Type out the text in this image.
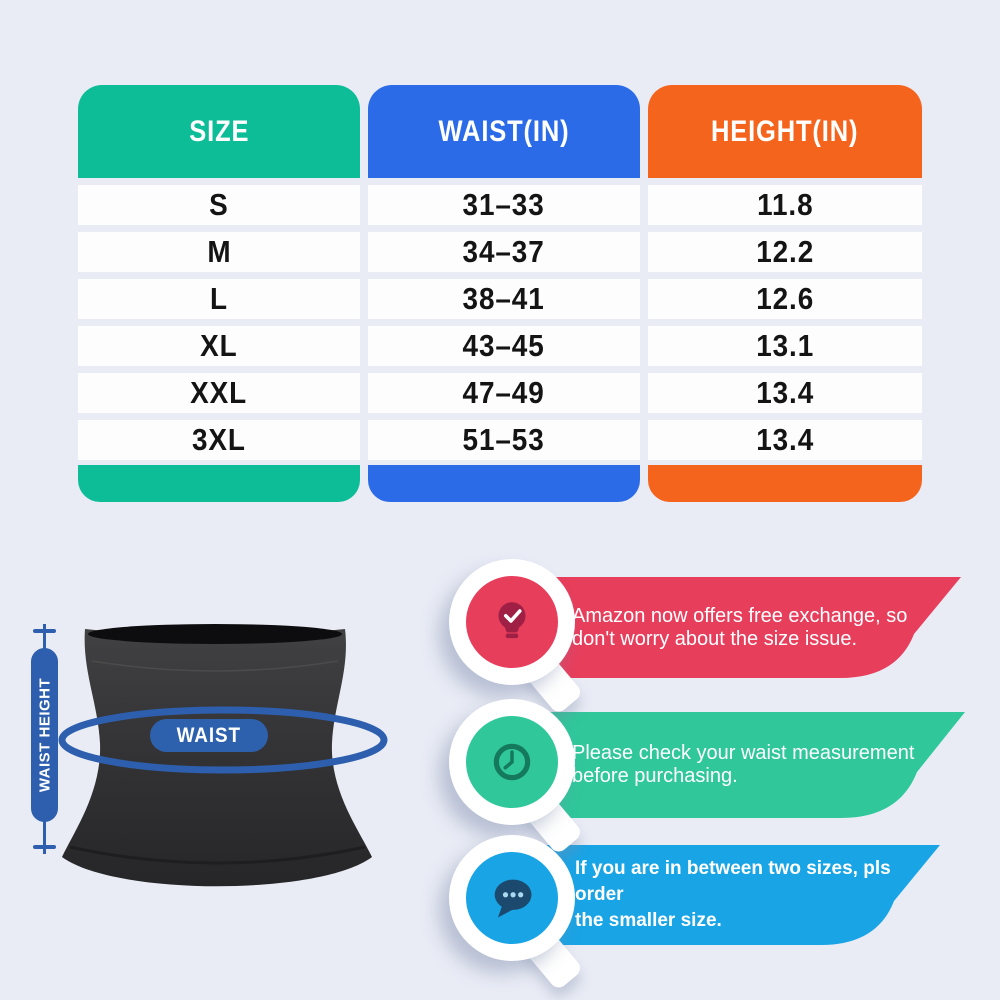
SIZE
S
M
L
XL
XXL
3XL
WAIST(IN)
31–33
34–37
38–41
43–45
47–49
51–53
HEIGHT(IN)
11.8
12.2
12.6
13.1
13.4
13.4
WAIST
WAIST HEIGHT

Amazon now offers free exchange, so

don't worry about the size issue.

Please check your waist measurement

before purchasing.

If you are in between two sizes, pls order

the smaller size.
